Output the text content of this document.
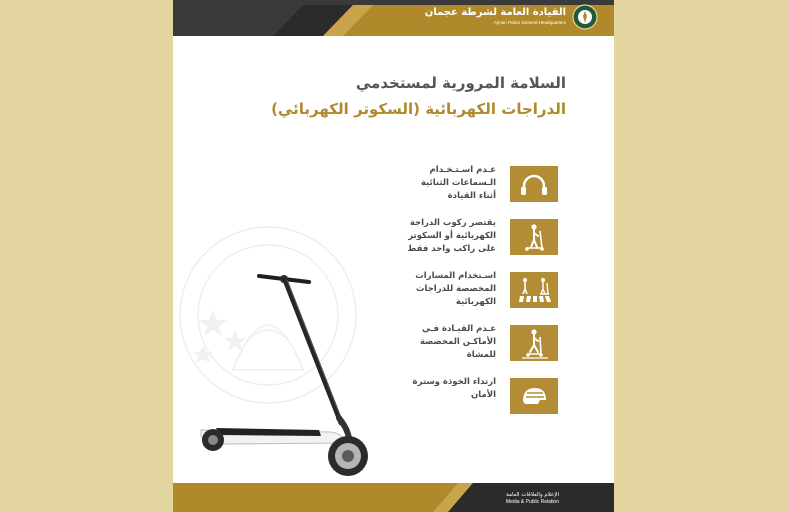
القيادة العامة لشرطة عجمان
Ajman Police General Headquarters
السلامة المرورية لمستخدمي
الدراجات الكهربائية (السكوتر الكهربائي)
عـدم اسـتـخـدام
الـسماعات الثنائية
أثناء القيادة
يقتصر ركوب الدراجة
الكهربائية أو السكوتر
على راكب واحد فقط
اسـتخدام المسارات
المخصصة للدراجات
الكهربائية
عـدم القيـادة فـي
الأماكـن المخصصة
للمشاة
ارتداء الخوذة وسترة
الأمان
الإعلام والعلاقات العامة
Media & Public Relation
